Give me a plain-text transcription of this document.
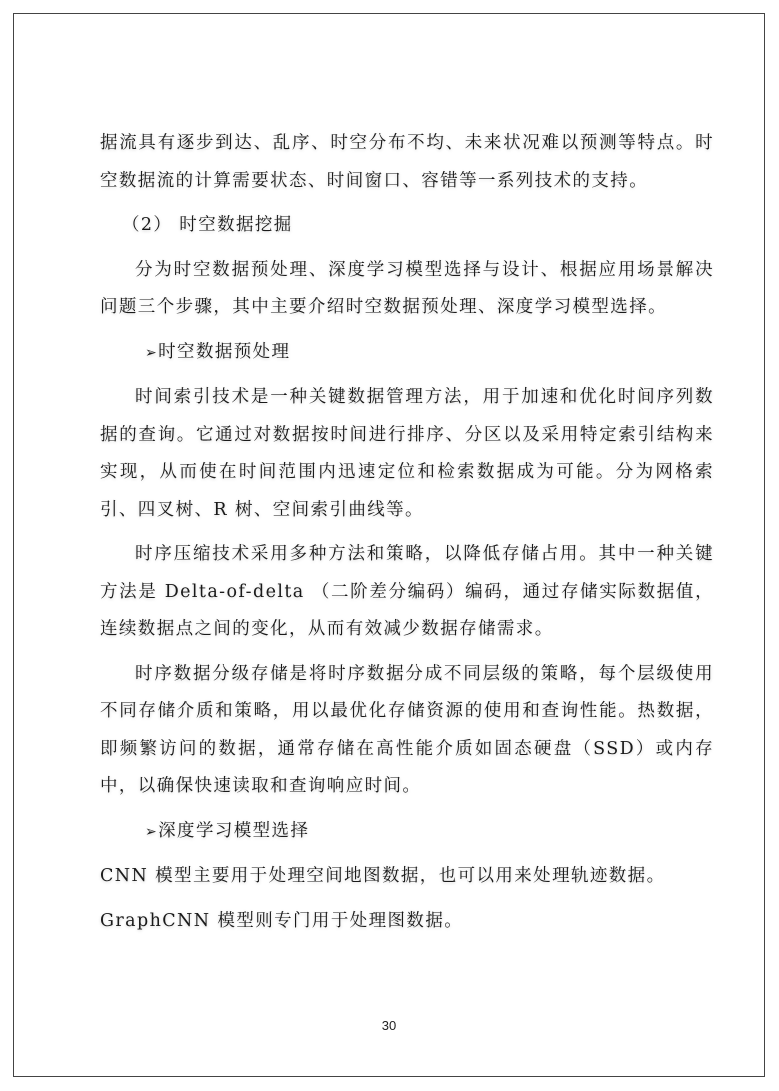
据流具有逐步到达、乱序、时空分布不均、未来状况难以预测等特点。时空数据流的计算需要状态、时间窗口、容错等一系列技术的支持。

（2） 时空数据挖掘

分为时空数据预处理、深度学习模型选择与设计、根据应用场景解决问题三个步骤，其中主要介绍时空数据预处理、深度学习模型选择。

➢时空数据预处理

时间索引技术是一种关键数据管理方法，用于加速和优化时间序列数据的查询。它通过对数据按时间进行排序、分区以及采用特定索引结构来实现，从而使在时间范围内迅速定位和检索数据成为可能。分为网格索引、四叉树、R 树、空间索引曲线等。

时序压缩技术采用多种方法和策略，以降低存储占用。其中一种关键方法是 Delta-of-delta （二阶差分编码）编码，通过存储实际数据值，连续数据点之间的变化，从而有效减少数据存储需求。

时序数据分级存储是将时序数据分成不同层级的策略，每个层级使用不同存储介质和策略，用以最优化存储资源的使用和查询性能。热数据，即频繁访问的数据，通常存储在高性能介质如固态硬盘（SSD）或内存中，以确保快速读取和查询响应时间。

➢深度学习模型选择

CNN 模型主要用于处理空间地图数据，也可以用来处理轨迹数据。

GraphCNN 模型则专门用于处理图数据。

30
